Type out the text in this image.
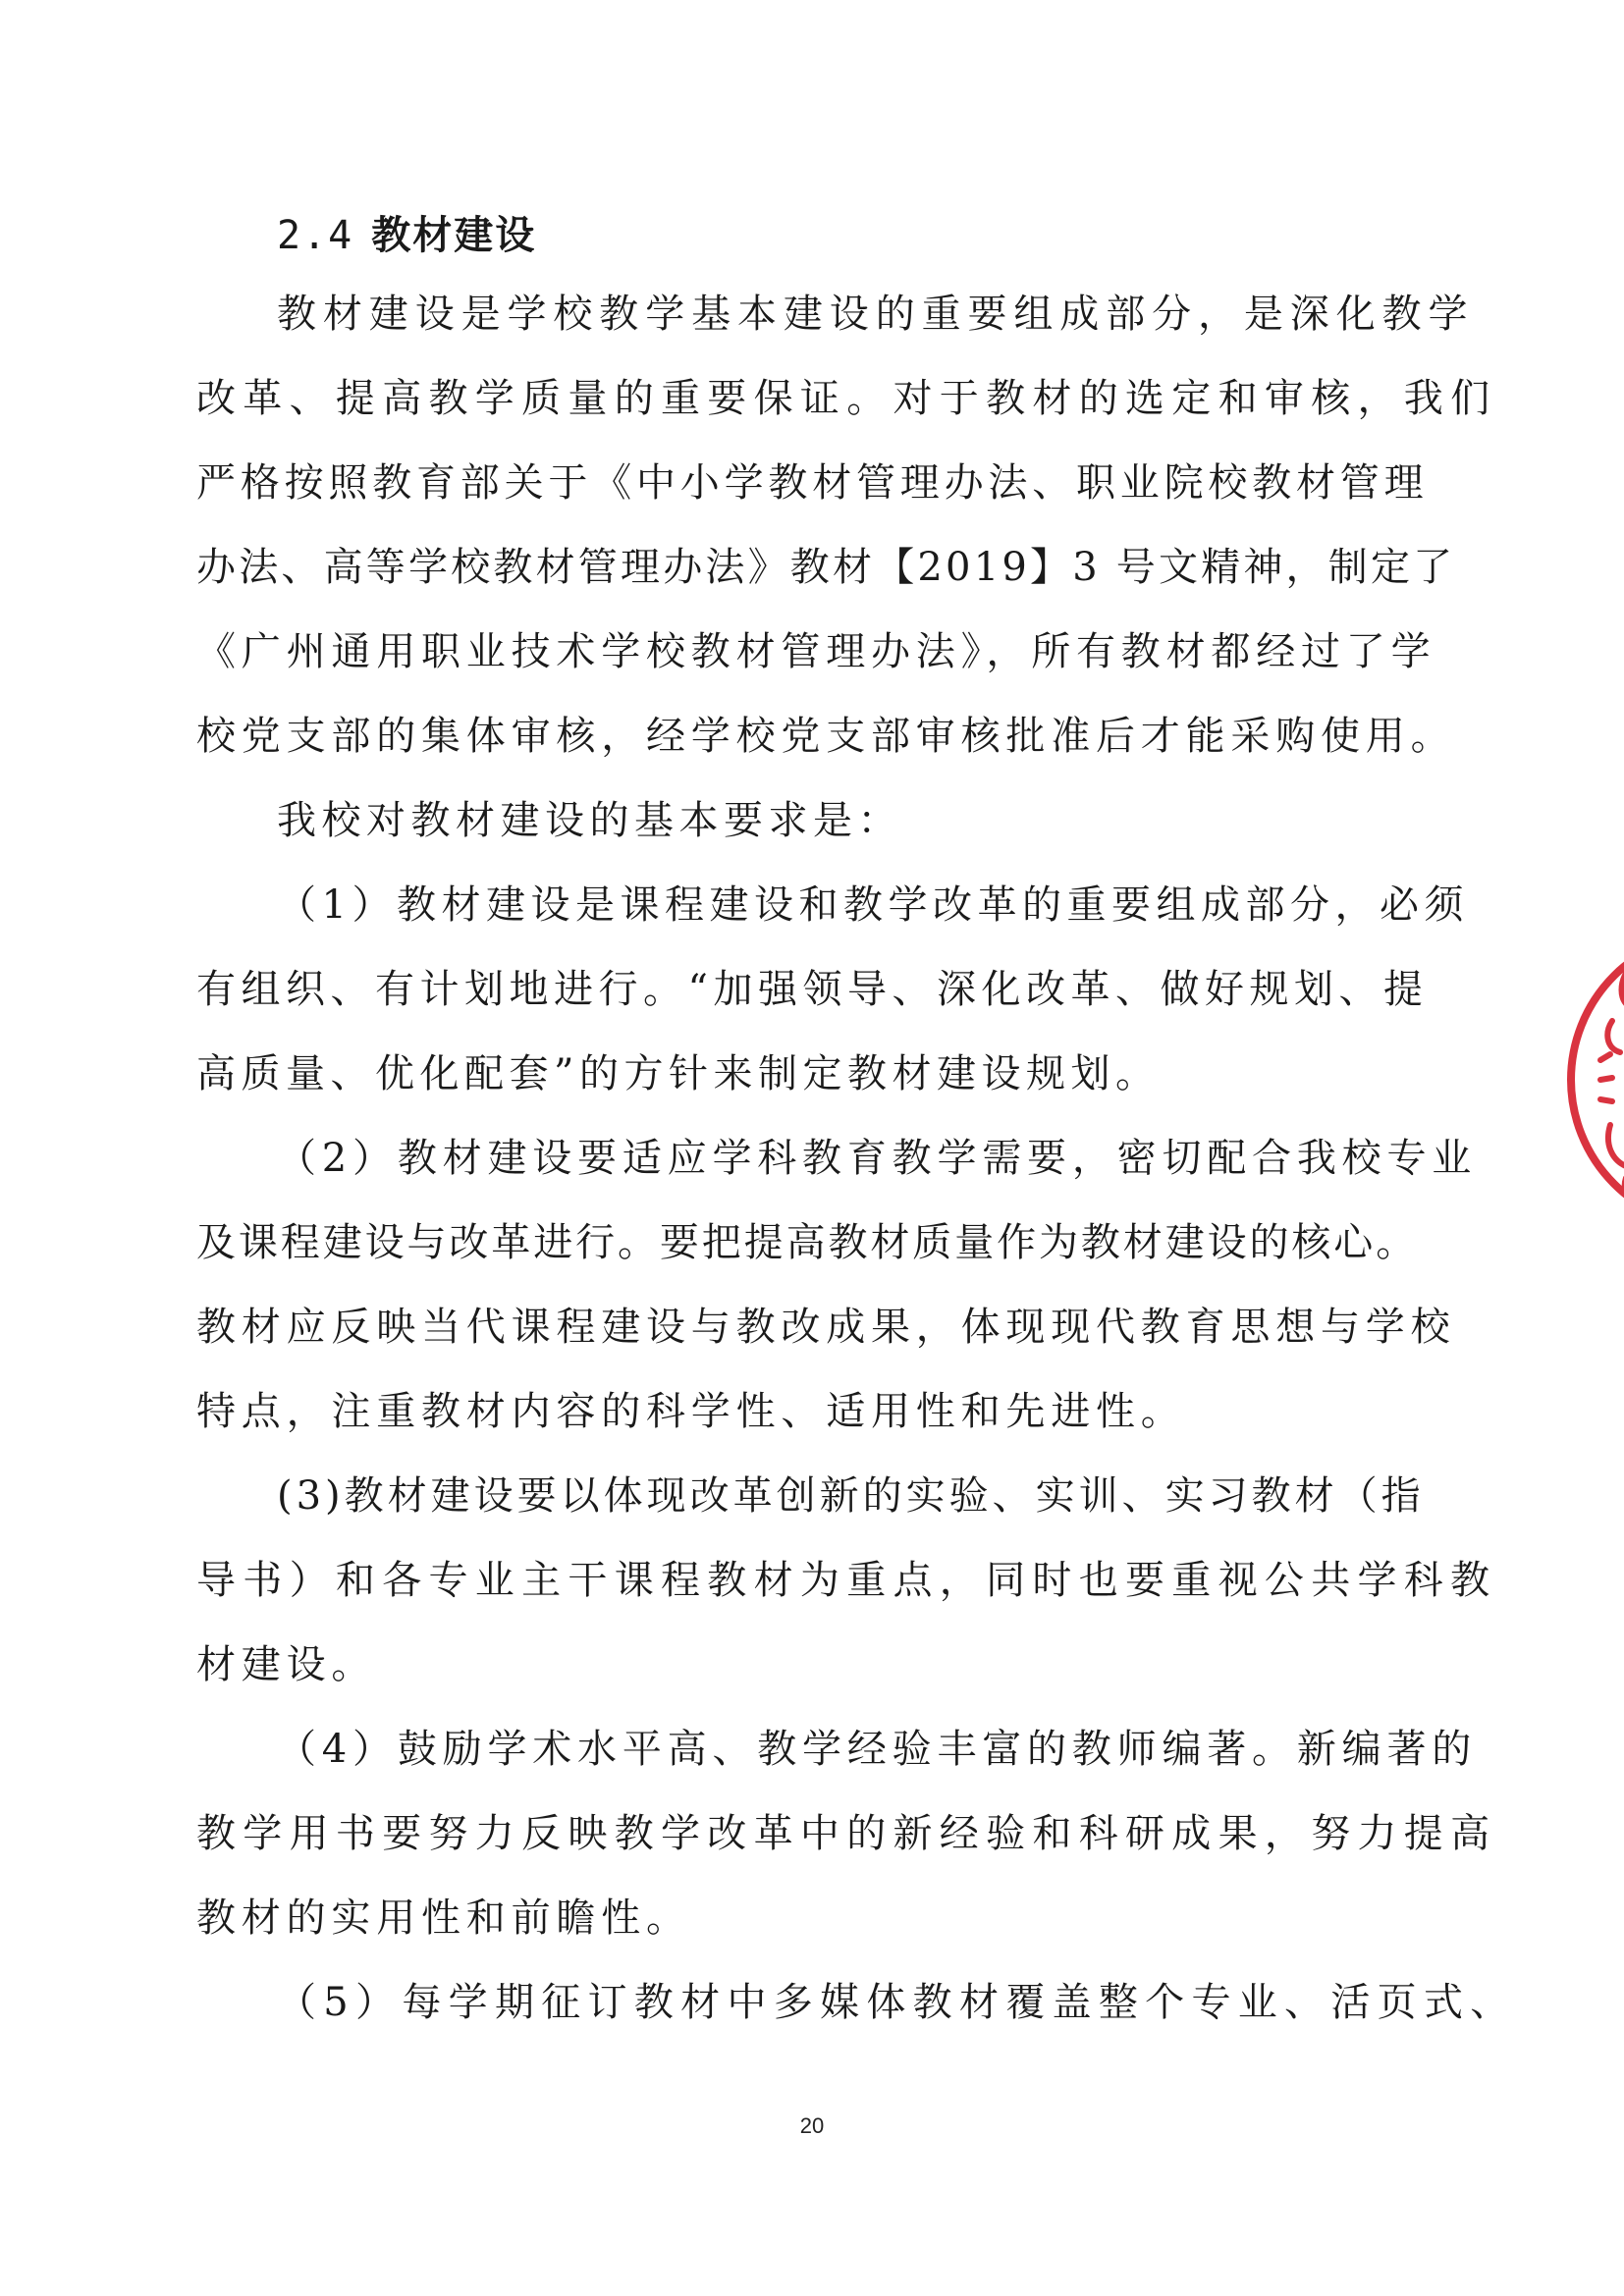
2.4 教材建设
教材建设是学校教学基本建设的重要组成部分，是深化教学
改革、提高教学质量的重要保证。对于教材的选定和审核，我们
严格按照教育部关于《中小学教材管理办法、职业院校教材管理
办法、高等学校教材管理办法》教材【2019】3 号文精神，制定了
《广州通用职业技术学校教材管理办法》，所有教材都经过了学
校党支部的集体审核，经学校党支部审核批准后才能采购使用。
我校对教材建设的基本要求是：
（1）教材建设是课程建设和教学改革的重要组成部分，必须
有组织、有计划地进行。“加强领导、深化改革、做好规划、提
高质量、优化配套”的方针来制定教材建设规划。
（2）教材建设要适应学科教育教学需要，密切配合我校专业
及课程建设与改革进行。要把提高教材质量作为教材建设的核心。
教材应反映当代课程建设与教改成果，体现现代教育思想与学校
特点，注重教材内容的科学性、适用性和先进性。
(3)教材建设要以体现改革创新的实验、实训、实习教材（指
导书）和各专业主干课程教材为重点，同时也要重视公共学科教
材建设。
（4）鼓励学术水平高、教学经验丰富的教师编著。新编著的
教学用书要努力反映教学改革中的新经验和科研成果，努力提高
教材的实用性和前瞻性。
（5）每学期征订教材中多媒体教材覆盖整个专业、活页式、
20
